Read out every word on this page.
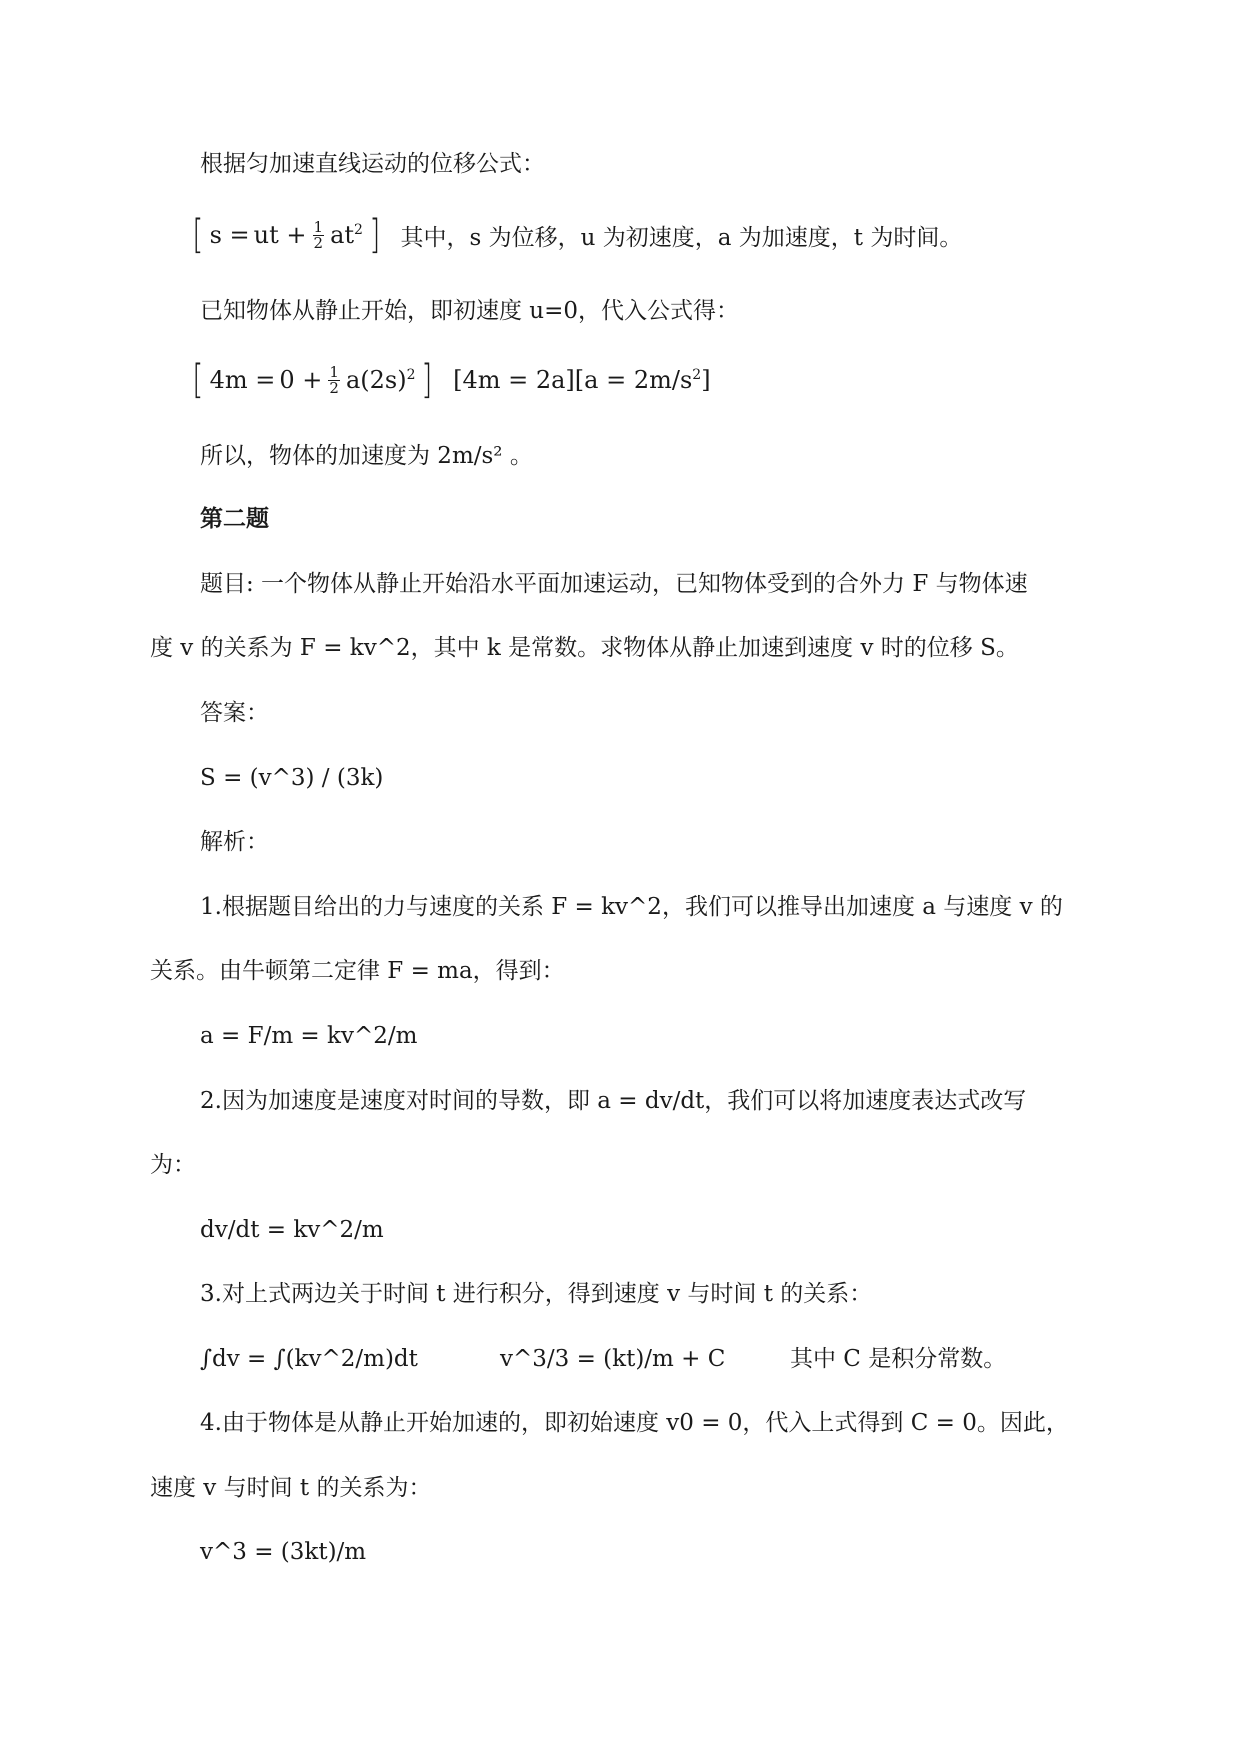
根据匀加速直线运动的位移公式：
[ s = ut + $\frac{1}{2} at^2$ ] 其中，s 为位移，u 为初速度，a 为加速度，t 为时间。
已知物体从静止开始，即初速度 u=0，代入公式得：
[ $4m = 0 + \frac{1}{2} a(2s)^2$ ] $[4m = 2a][a = 2m/s^2]$
所以，物体的加速度为 2m/s² 。
第二题
题目: 一个物体从静止开始沿水平面加速运动，已知物体受到的合外力 F 与物体速
度 v 的关系为 F = kv^2，其中 k 是常数。求物体从静止加速到速度 v 时的位移 S。
答案：
S = (v^3) / (3k)
解析：
1.根据题目给出的力与速度的关系 F = kv^2，我们可以推导出加速度 a 与速度 v 的
关系。由牛顿第二定律 F = ma，得到：
a = F/m = kv^2/m
2.因为加速度是速度对时间的导数，即 a = dv/dt，我们可以将加速度表达式改写
为：
dv/dt = kv^2/m
3.对上式两边关于时间 t 进行积分，得到速度 v 与时间 t 的关系：
∫dv = ∫(kv^2/m)dt	v^3/3 = (kt)/m + C	其中 C 是积分常数。
4.由于物体是从静止开始加速的，即初始速度 v0 = 0，代入上式得到 C = 0。因此，
速度 v 与时间 t 的关系为：
v^3 = (3kt)/m
